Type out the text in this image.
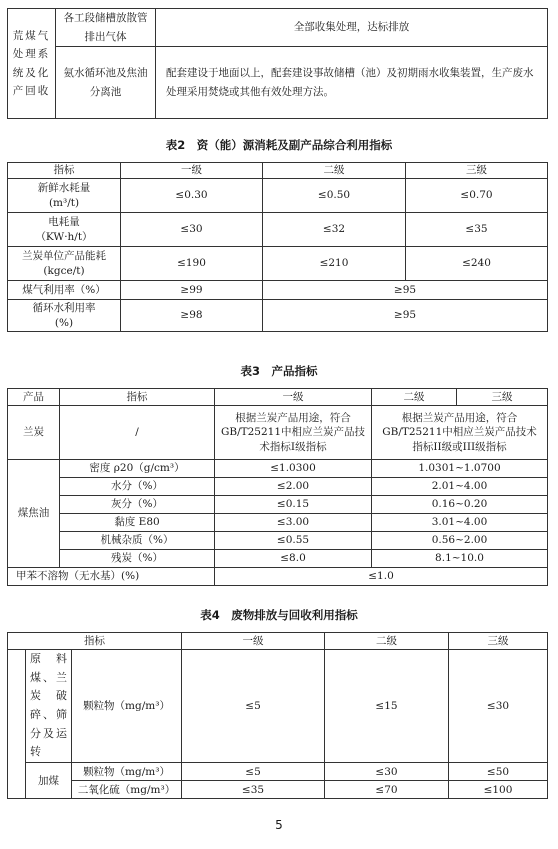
荒煤气处理系统及化产回收	各工段储槽放散管排出气体	全部收集处理，达标排放
	氨水循环池及焦油分离池	配套建设于地面以上，配套建设事故储槽（池）及初期雨水收集装置，生产废水处理采用焚烧或其他有效处理方法。
表2　资（能）源消耗及副产品综合利用指标
指标	一级	二级	三级
新鲜水耗量
(m³/t)	≤0.30	≤0.50	≤0.70
电耗量
（KW·h/t）	≤30	≤32	≤35
兰炭单位产品能耗
(kgce/t)	≤190	≤210	≤240
煤气利用率（%）	≥99	≥95	
循环水利用率
(%)	≥98	≥95	
表3　产品指标
产品	指标	一级	二级	三级
兰炭	/	根据兰炭产品用途，符合GB/T25211中相应兰炭产品技术指标I级指标	根据兰炭产品用途，符合GB/T25211中相应兰炭产品技术指标II级或III级指标	
煤焦油	密度 ρ20（g/cm³）	≤1.0300	1.0301~1.0700	
	水分（%）	≤2.00	2.01~4.00	
	灰分（%）	≤0.15	0.16~0.20	
	黏度 E80	≤3.00	3.01~4.00	
	机械杂质（%）	≤0.55	0.56~2.00	
	残炭（%）	≤8.0	8.1~10.0	
甲苯不溶物（无水基）(%)		≤1.0		
表4　废物排放与回收利用指标
指标			一级	二级	三级
	原料煤、兰炭破碎、筛分及运转	颗粒物（mg/m³）	≤5	≤15	≤30
	加煤	颗粒物（mg/m³）	≤5	≤30	≤50
		二氧化硫（mg/m³）	≤35	≤70	≤100
5
